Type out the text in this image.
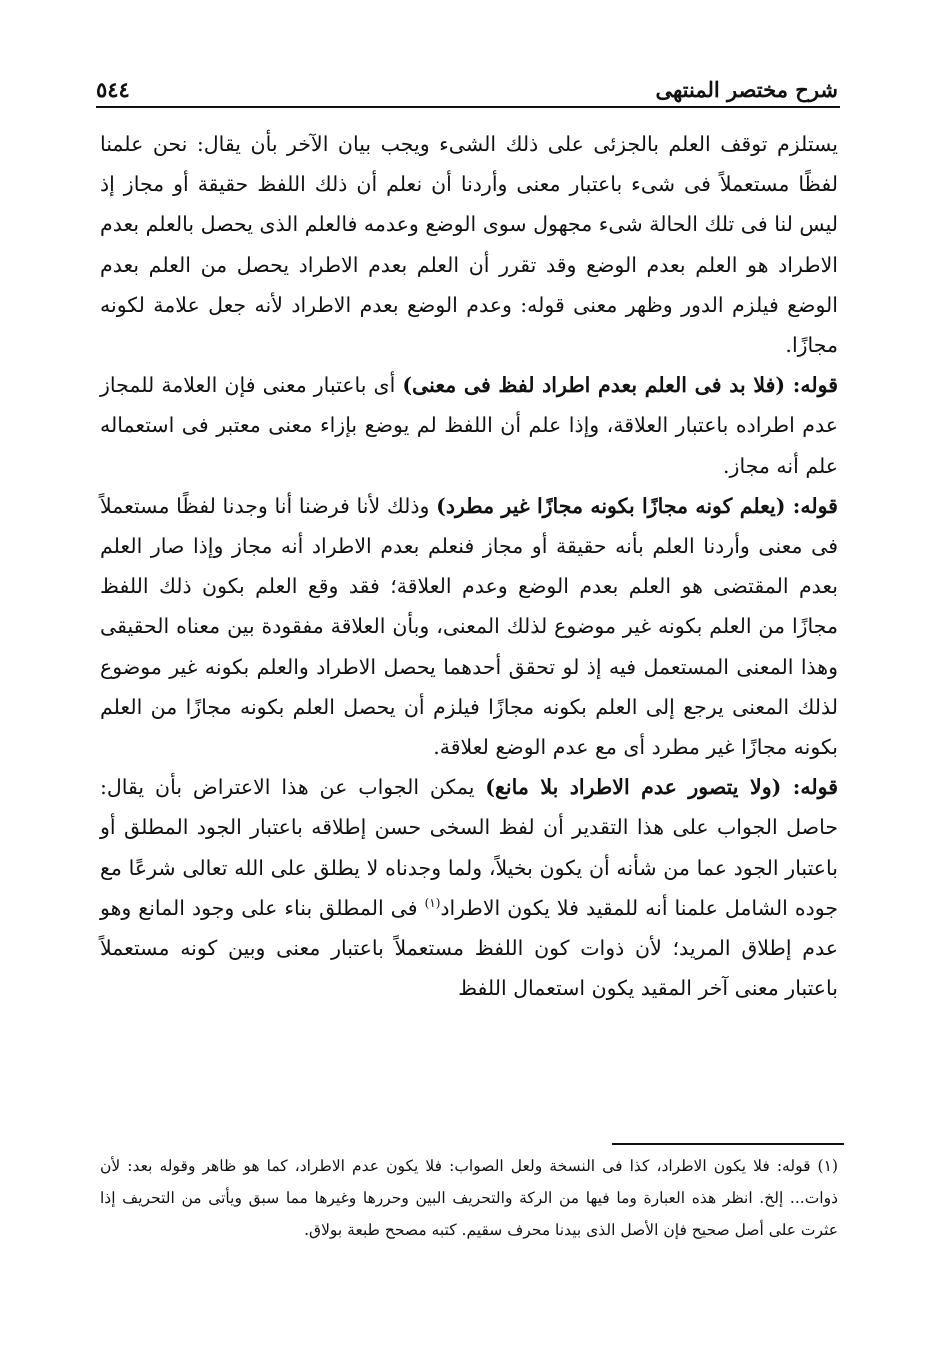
شرح مختصر المنتهى
٥٤٤

يستلزم توقف العلم بالجزئى على ذلك الشىء ويجب بيان الآخر بأن يقال: نحن علمنا لفظًا مستعملاً فى شىء باعتبار معنى وأردنا أن نعلم أن ذلك اللفظ حقيقة أو مجاز إذ ليس لنا فى تلك الحالة شىء مجهول سوى الوضع وعدمه فالعلم الذى يحصل بالعلم بعدم الاطراد هو العلم بعدم الوضع وقد تقرر أن العلم بعدم الاطراد يحصل من العلم بعدم الوضع فيلزم الدور وظهر معنى قوله: وعدم الوضع بعدم الاطراد لأنه جعل علامة لكونه مجازًا.

قوله: (فلا بد فى العلم بعدم اطراد لفظ فى معنى) أى باعتبار معنى فإن العلامة للمجاز عدم اطراده باعتبار العلاقة، وإذا علم أن اللفظ لم يوضع بإزاء معنى معتبر فى استعماله علم أنه مجاز.

قوله: (يعلم كونه مجازًا بكونه مجازًا غير مطرد) وذلك لأنا فرضنا أنا وجدنا لفظًا مستعملاً فى معنى وأردنا العلم بأنه حقيقة أو مجاز فنعلم بعدم الاطراد أنه مجاز وإذا صار العلم بعدم المقتضى هو العلم بعدم الوضع وعدم العلاقة؛ فقد وقع العلم بكون ذلك اللفظ مجازًا من العلم بكونه غير موضوع لذلك المعنى، وبأن العلاقة مفقودة بين معناه الحقيقى وهذا المعنى المستعمل فيه إذ لو تحقق أحدهما يحصل الاطراد والعلم بكونه غير موضوع لذلك المعنى يرجع إلى العلم بكونه مجازًا فيلزم أن يحصل العلم بكونه مجازًا من العلم بكونه مجازًا غير مطرد أى مع عدم الوضع لعلاقة.

قوله: (ولا يتصور عدم الاطراد بلا مانع) يمكن الجواب عن هذا الاعتراض بأن يقال: حاصل الجواب على هذا التقدير أن لفظ السخى حسن إطلاقه باعتبار الجود المطلق أو باعتبار الجود عما من شأنه أن يكون بخيلاً، ولما وجدناه لا يطلق على الله تعالى شرعًا مع جوده الشامل علمنا أنه للمقيد فلا يكون الاطراد$^{(١)}$ فى المطلق بناء على وجود المانع وهو عدم إطلاق المريد؛ لأن ذوات كون اللفظ مستعملاً باعتبار معنى وبين كونه مستعملاً باعتبار معنى آخر المقيد يكون استعمال اللفظ

(١) قوله: فلا يكون الاطراد، كذا فى النسخة ولعل الصواب: فلا يكون عدم الاطراد، كما هو ظاهر وقوله بعد: لأن ذوات... إلخ. انظر هذه العبارة وما فيها من الركة والتحريف البين وحررها وغيرها مما سبق ويأتى من التحريف إذا عثرت على أصل صحيح فإن الأصل الذى بيدنا محرف سقيم. كتبه مصحح طبعة بولاق.
